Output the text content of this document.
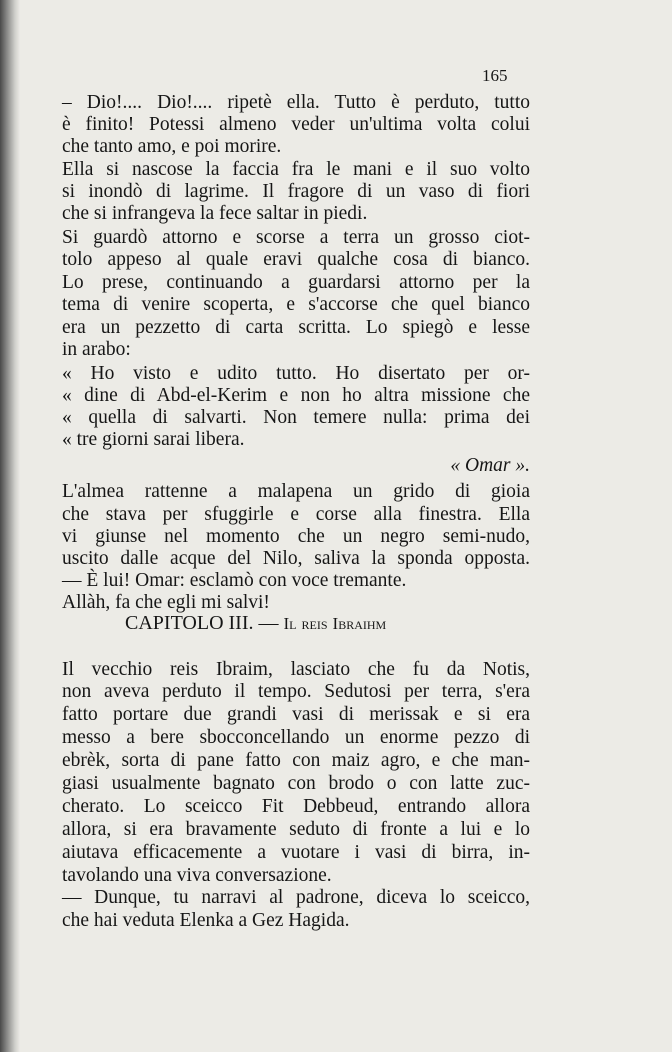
165
– Dio!.... Dio!.... ripetè ella. Tutto è perduto, tutto
è finito! Potessi almeno veder un'ultima volta colui
che tanto amo, e poi morire.
Ella si nascose la faccia fra le mani e il suo volto
si inondò di lagrime. Il fragore di un vaso di fiori
che si infrangeva la fece saltar in piedi.
Si guardò attorno e scorse a terra un grosso ciot-
tolo appeso al quale eravi qualche cosa di bianco.
Lo prese, continuando a guardarsi attorno per la
tema di venire scoperta, e s'accorse che quel bianco
era un pezzetto di carta scritta. Lo spiegò e lesse
in arabo:
« Ho visto e udito tutto. Ho disertato per or-
« dine di Abd-el-Kerim e non ho altra missione che
« quella di salvarti. Non temere nulla: prima dei
« tre giorni sarai libera.
« Omar ».
L'almea rattenne a malapena un grido di gioia
che stava per sfuggirle e corse alla finestra. Ella
vi giunse nel momento che un negro semi-nudo,
uscito dalle acque del Nilo, saliva la sponda opposta.
— È lui! Omar: esclamò con voce tremante.
Allàh, fa che egli mi salvi!
CAPITOLO III. — Il reis Ibraihm
Il vecchio reis Ibraim, lasciato che fu da Notis,
non aveva perduto il tempo. Sedutosi per terra, s'era
fatto portare due grandi vasi di merissak e si era
messo a bere sbocconcellando un enorme pezzo di
ebrèk, sorta di pane fatto con maiz agro, e che man-
giasi usualmente bagnato con brodo o con latte zuc-
cherato. Lo sceicco Fit Debbeud, entrando allora
allora, si era bravamente seduto di fronte a lui e lo
aiutava efficacemente a vuotare i vasi di birra, in-
tavolando una viva conversazione.
— Dunque, tu narravi al padrone, diceva lo sceicco,
che hai veduta Elenka a Gez Hagida.
